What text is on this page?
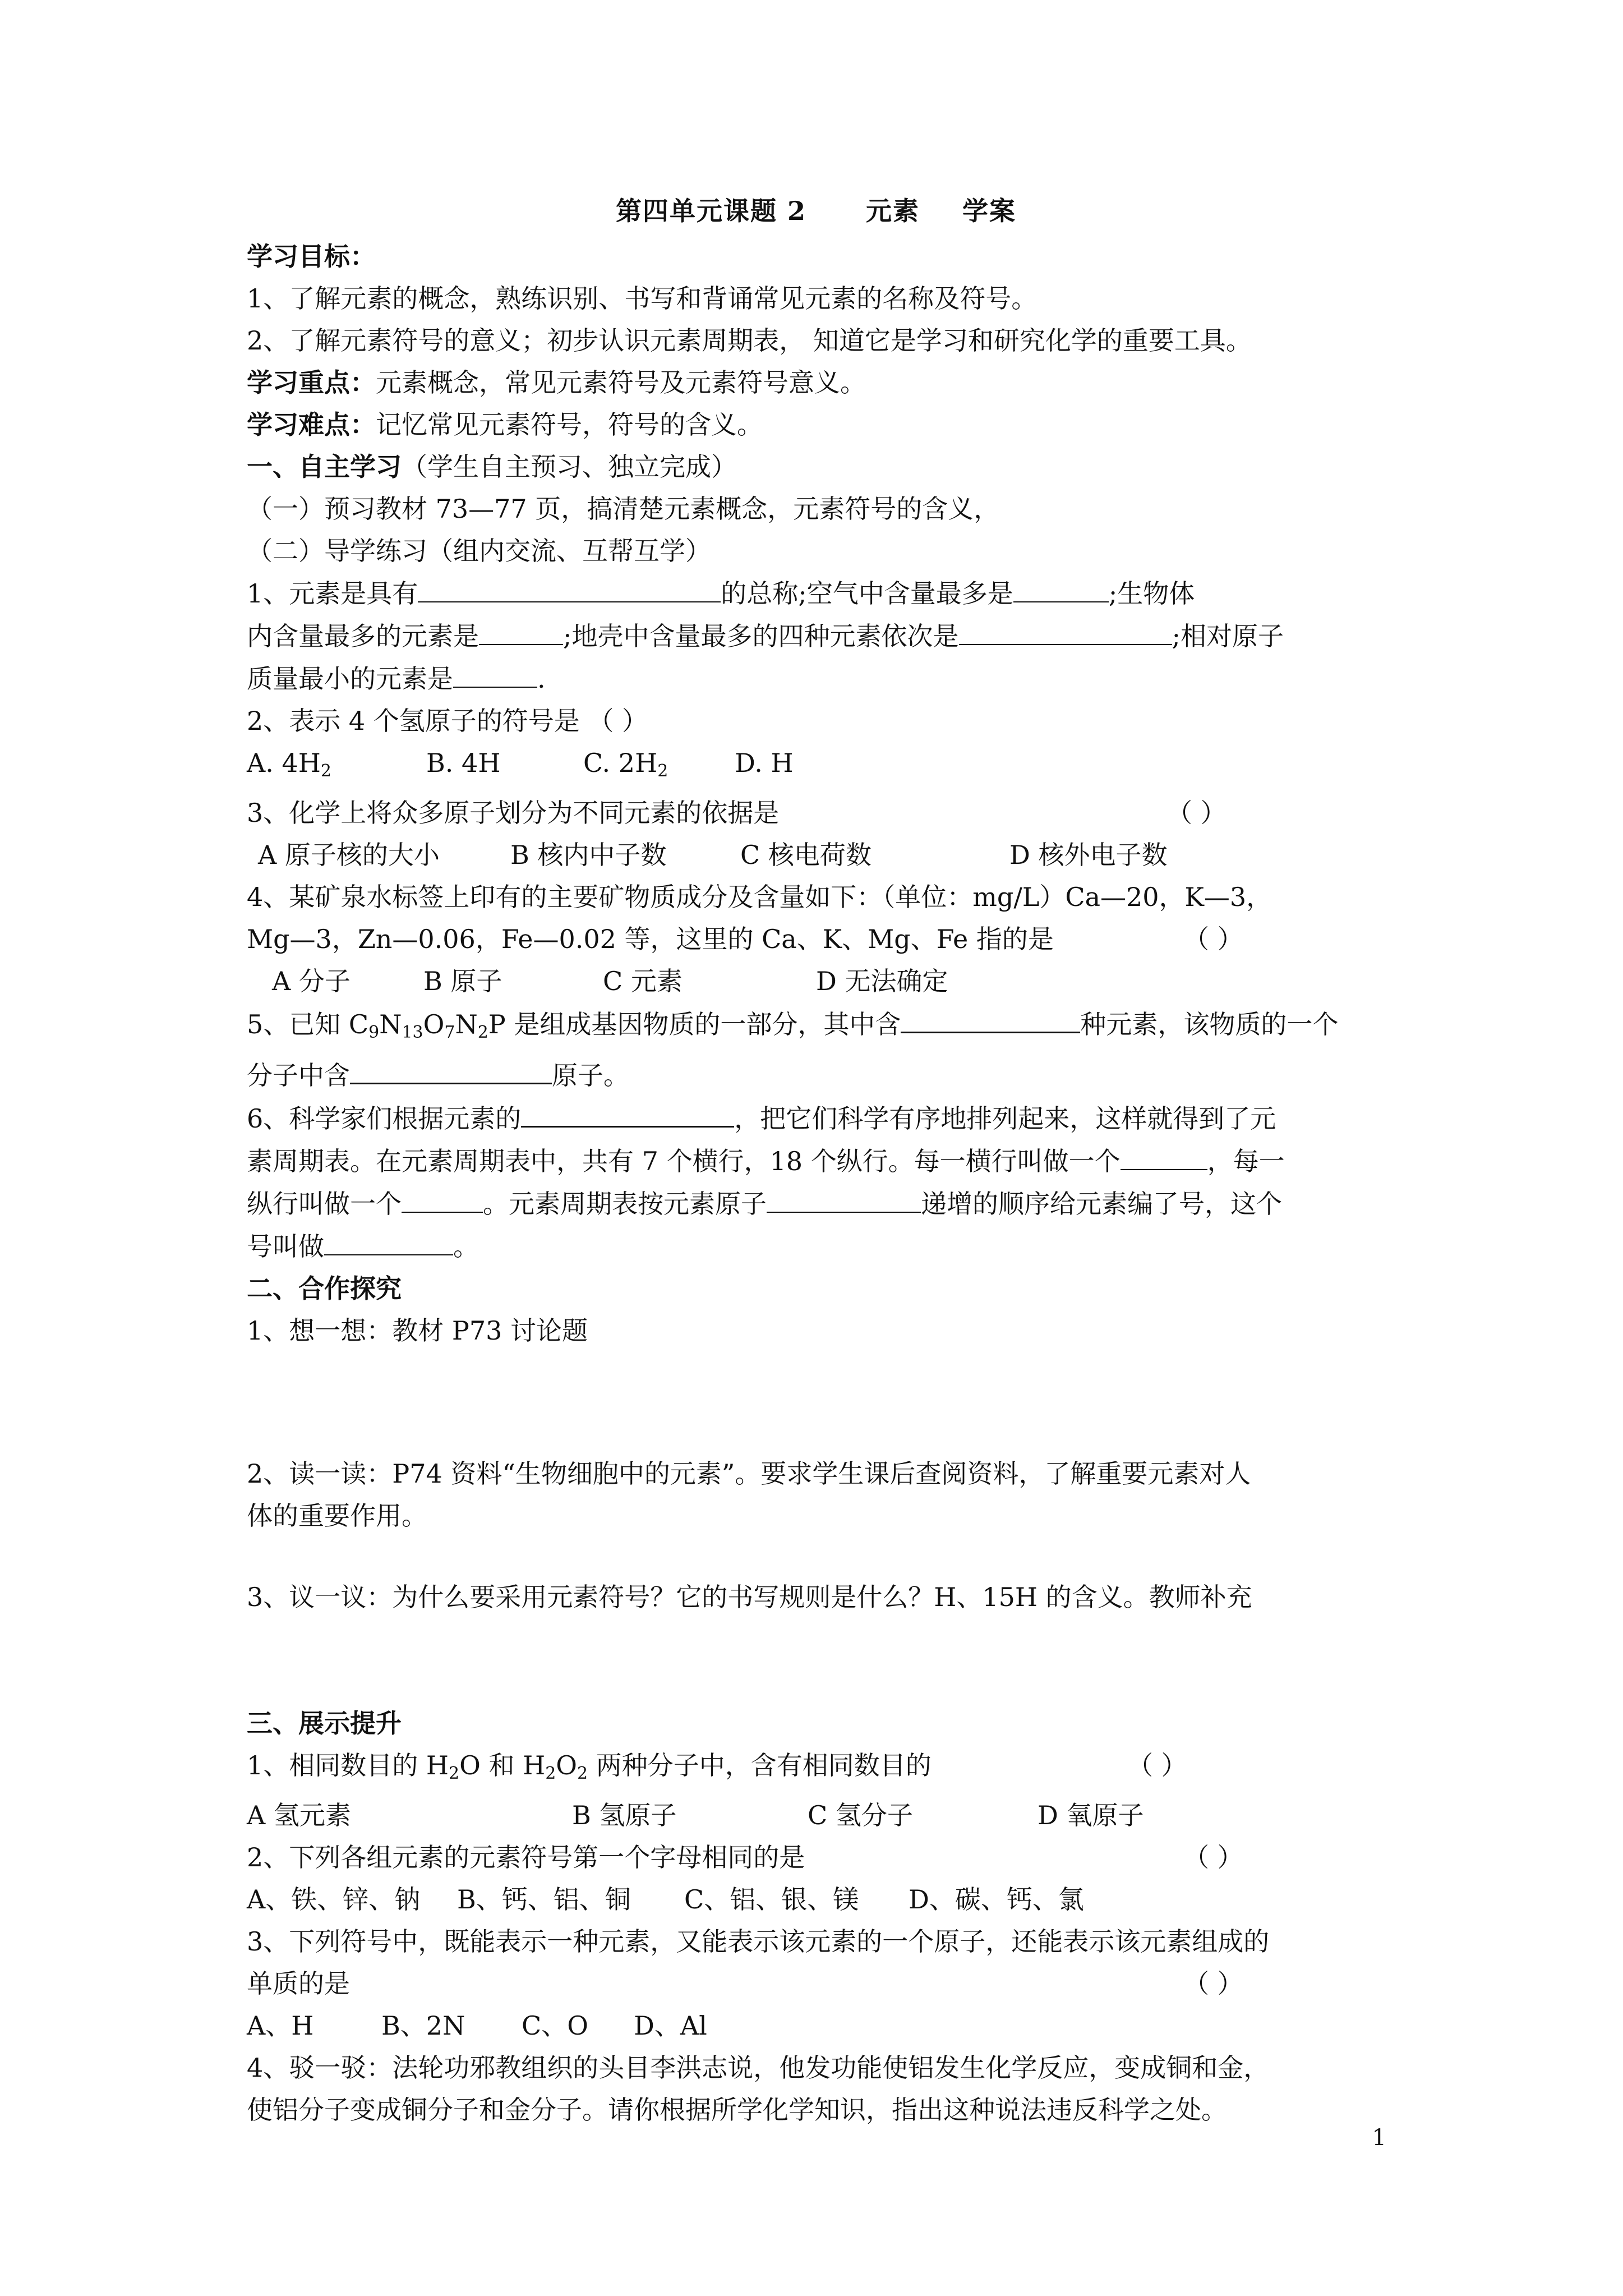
第四单元课题 2 元素 学案
学习目标：
1、了解元素的概念，熟练识别、书写和背诵常见元素的名称及符号。
2、了解元素符号的意义；初步认识元素周期表， 知道它是学习和研究化学的重要工具。
学习重点：元素概念，常见元素符号及元素符号意义。
学习难点：记忆常见元素符号，符号的含义。
一、自主学习（学生自主预习、独立完成）
（一）预习教材 73—77 页，搞清楚元素概念，元素符号的含义，
（二）导学练习（组内交流、互帮互学）
1、元素是具有	的总称;空气中含量最多是	;生物体
内含量最多的元素是	;地壳中含量最多的四种元素依次是	;相对原子
质量最小的元素是	.
2、表示 4 个氢原子的符号是 （ ）
A. $4H_2$	B. 4H	C. $2H_2$	D. H
3、化学上将众多原子划分为不同元素的依据是	（ ）
A 原子核的大小	B 核内中子数	C 核电荷数	D 核外电子数
4、某矿泉水标签上印有的主要矿物质成分及含量如下：（单位：mg/L）Ca—20，K—3，
Mg—3，Zn—0.06，Fe—0.02 等，这里的 Ca、K、Mg、Fe 指的是	（ ）
A 分子	B 原子	C 元素	D 无法确定
5、已知 $C_9N_{13}O_7N_2P$ 是组成基因物质的一部分，其中含	种元素，该物质的一个
分子中含	原子。
6、科学家们根据元素的	，把它们科学有序地排列起来，这样就得到了元
素周期表。在元素周期表中，共有 7 个横行，18 个纵行。每一横行叫做一个	，每一
纵行叫做一个	。元素周期表按元素原子	递增的顺序给元素编了号，这个
号叫做	。
二、合作探究
1、想一想：教材 P73 讨论题
2、读一读：P74 资料“生物细胞中的元素”。要求学生课后查阅资料，了解重要元素对人
体的重要作用。
3、议一议：为什么要采用元素符号？它的书写规则是什么？H、15H 的含义。教师补充
三、展示提升
1、相同数目的 $H_2O$ 和 $H_2O_2$ 两种分子中，含有相同数目的	（ ）
A 氢元素	B 氢原子	C 氢分子	D 氧原子
2、下列各组元素的元素符号第一个字母相同的是	（ ）
A、铁、锌、钠 B、钙、铝、铜 C、铝、银、镁 D、碳、钙、氯
3、下列符号中，既能表示一种元素，又能表示该元素的一个原子，还能表示该元素组成的
单质的是	（ ）
A、H	B、2N C、O D、Al
4、驳一驳：法轮功邪教组织的头目李洪志说，他发功能使铝发生化学反应，变成铜和金，
使铝分子变成铜分子和金分子。请你根据所学化学知识，指出这种说法违反科学之处。
1
